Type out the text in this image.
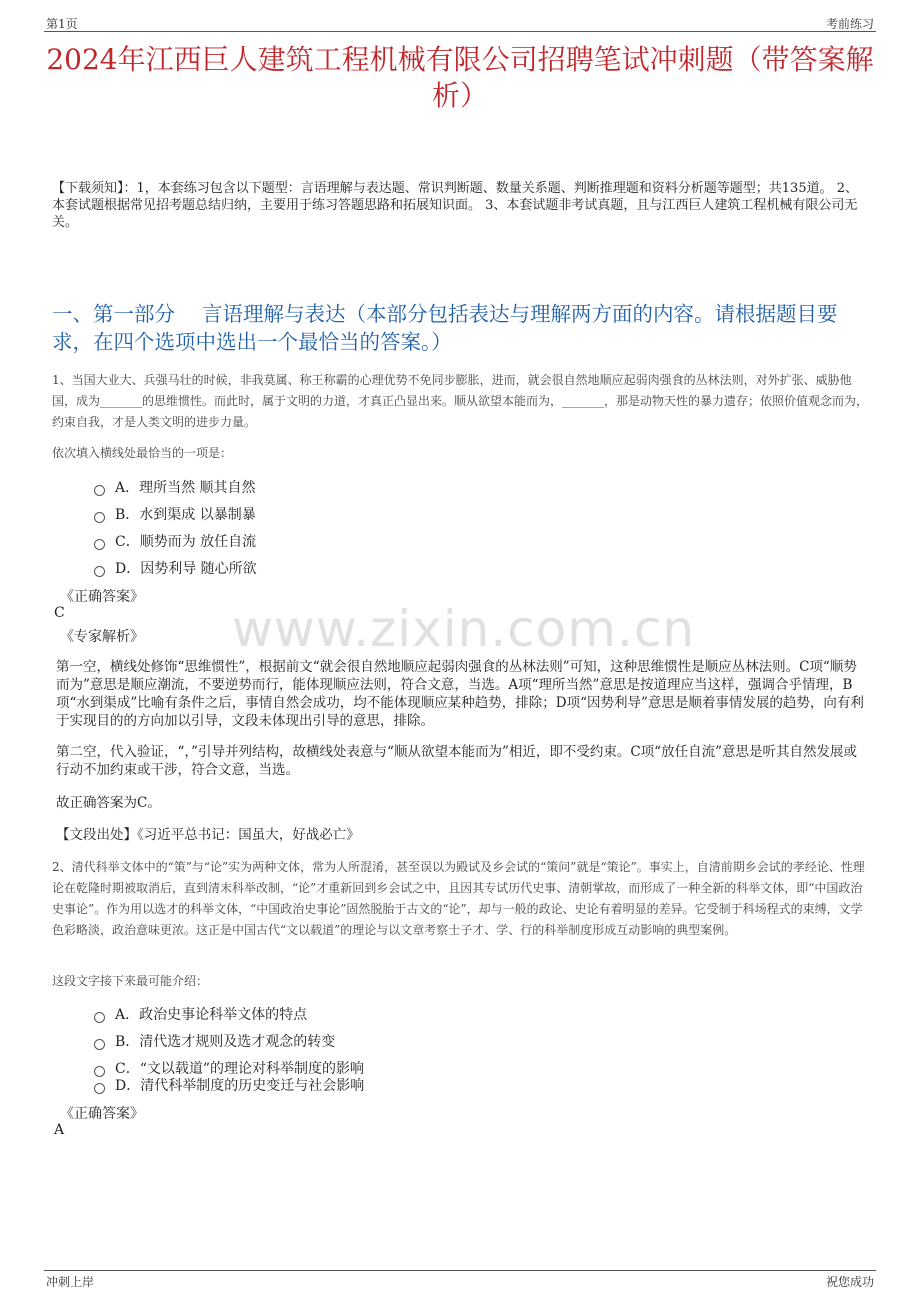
第1页	考前练习
2024年江西巨人建筑工程机械有限公司招聘笔试冲刺题（带答案解析）
【下载须知】：1，本套练习包含以下题型：言语理解与表达题、常识判断题、数量关系题、判断推理题和资料分析题等题型；共135道。 2、本套试题根据常见招考题总结归纳，主要用于练习答题思路和拓展知识面。 3、本套试题非考试真题，且与江西巨人建筑工程机械有限公司无关。
一、第一部分　 言语理解与表达（本部分包括表达与理解两方面的内容。请根据题目要求，在四个选项中选出一个最恰当的答案。）
1、当国大业大、兵强马壮的时候，非我莫属、称王称霸的心理优势不免同步膨胀，进而，就会很自然地顺应起弱肉强食的丛林法则，对外扩张、威胁他国，成为_______的思维惯性。而此时，属于文明的力道，才真正凸显出来。顺从欲望本能而为，_______，那是动物天性的暴力遗存；依照价值观念而为，约束自我，才是人类文明的进步力量。
依次填入横线处最恰当的一项是：
A．理所当然 顺其自然
B．水到渠成 以暴制暴
C．顺势而为 放任自流
D．因势利导 随心所欲
《正确答案》
C
《专家解析》 www.zixin.com.cn
第一空，横线处修饰“思维惯性”，根据前文“就会很自然地顺应起弱肉强食的丛林法则”可知，这种思维惯性是顺应丛林法则。C项“顺势而为”意思是顺应潮流，不要逆势而行，能体现顺应法则，符合文意，当选。A项“理所当然”意思是按道理应当这样，强调合乎情理，B项“水到渠成”比喻有条件之后，事情自然会成功，均不能体现顺应某种趋势，排除；D项“因势利导”意思是顺着事情发展的趋势，向有利于实现目的的方向加以引导，文段未体现出引导的意思，排除。
第二空，代入验证，“，”引导并列结构，故横线处表意与“顺从欲望本能而为”相近，即不受约束。C项“放任自流”意思是听其自然发展或行动不加约束或干涉，符合文意，当选。
故正确答案为C。
【文段出处】《习近平总书记：国虽大，好战必亡》
2、清代科举文体中的“策”与“论”实为两种文体，常为人所混淆，甚至误以为殿试及乡会试的“策问”就是“策论”。事实上，自清前期乡会试的孝经论、性理论在乾隆时期被取消后，直到清末科举改制，“论”才重新回到乡会试之中，且因其专试历代史事、清朝掌故，而形成了一种全新的科举文体，即“中国政治史事论”。作为用以选才的科举文体，“中国政治史事论”固然脱胎于古文的“论”，却与一般的政论、史论有着明显的差异。它受制于科场程式的束缚，文学色彩略淡，政治意味更浓。这正是中国古代“文以载道”的理论与以文章考察士子才、学、行的科举制度形成互动影响的典型案例。
这段文字接下来最可能介绍：
A．政治史事论科举文体的特点
B．清代选才规则及选才观念的转变
C．“文以载道”的理论对科举制度的影响
D．清代科举制度的历史变迁与社会影响
《正确答案》
A
冲刺上岸	祝您成功
